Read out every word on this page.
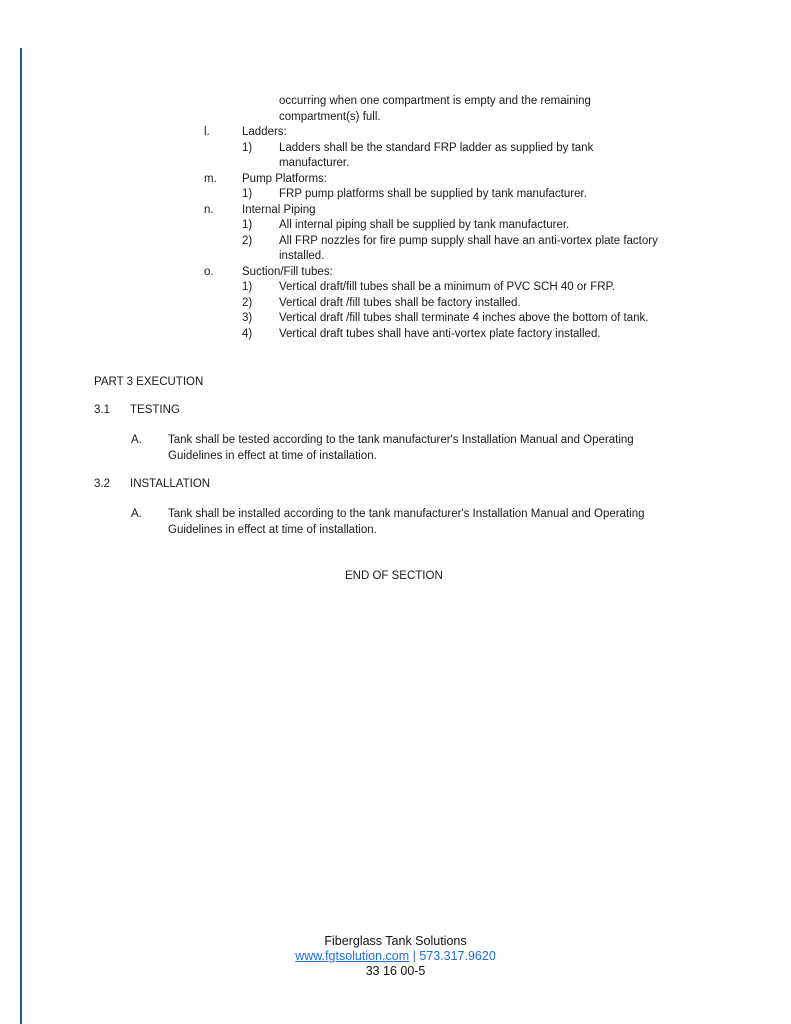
occurring when one compartment is empty and the remaining
compartment(s) full.
l.	Ladders:
1) Ladders shall be the standard FRP ladder as supplied by tank
manufacturer.
m. Pump Platforms:
1) FRP pump platforms shall be supplied by tank manufacturer.
n. Internal Piping
1) All internal piping shall be supplied by tank manufacturer.
2) All FRP nozzles for fire pump supply shall have an anti-vortex plate factory
installed.
o. Suction/Fill tubes:
1) Vertical draft/fill tubes shall be a minimum of PVC SCH 40 or FRP.
2) Vertical draft /fill tubes shall be factory installed.
3) Vertical draft /fill tubes shall terminate 4 inches above the bottom of tank.
4) Vertical draft tubes shall have anti-vortex plate factory installed.
PART 3 EXECUTION
3.1 TESTING
A. Tank shall be tested according to the tank manufacturer's Installation Manual and Operating
Guidelines in effect at time of installation.
3.2 INSTALLATION
A. Tank shall be installed according to the tank manufacturer's Installation Manual and Operating
Guidelines in effect at time of installation.
END OF SECTION
Fiberglass Tank Solutions
www.fgtsolution.com | 573.317.9620
33 16 00-5
